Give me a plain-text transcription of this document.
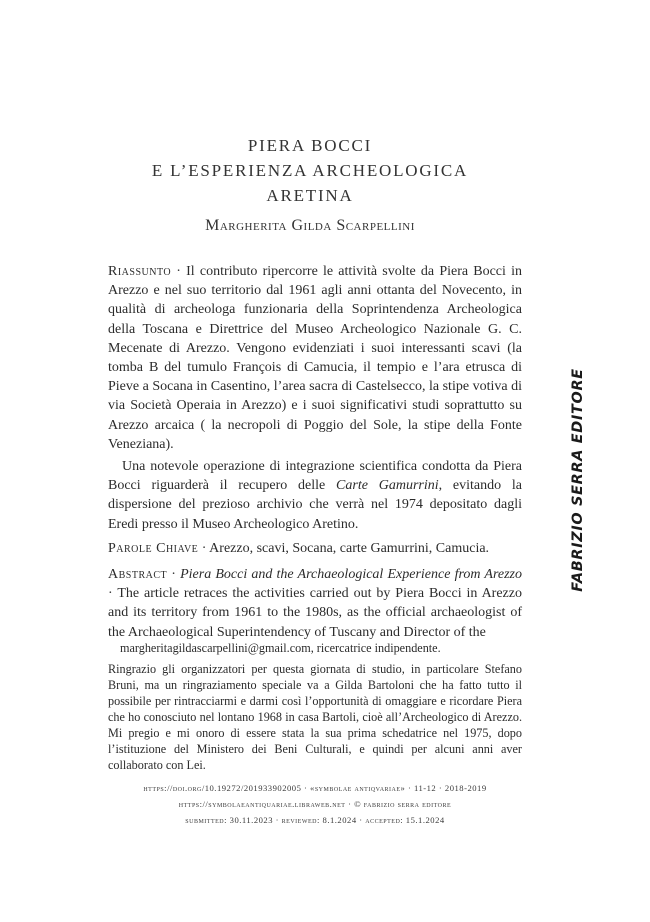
PIERA BOCCI
E L’ESPERIENZA ARCHEOLOGICA
ARETINA
Margherita Gilda Scarpellini

Riassunto · Il contributo ripercorre le attività svolte da Piera Bocci in Arezzo e nel suo territorio dal 1961 agli anni ottanta del Novecento, in qualità di archeologa funzionaria della Soprintendenza Archeologica della Toscana e Direttrice del Museo Archeologico Nazionale G. C. Mecenate di Arezzo. Vengono evidenziati i suoi interessanti scavi (la tomba B del tumulo François di Camucia, il tempio e l’ara etrusca di Pieve a Socana in Casentino, l’area sacra di Castelsecco, la stipe votiva di via Società Operaia in Arezzo) e i suoi significativi studi soprattutto su Arezzo arcaica ( la necropoli di Poggio del Sole, la stipe della Fonte Veneziana).

Una notevole operazione di integrazione scientifica condotta da Piera Bocci riguarderà il recupero delle Carte Gamurrini, evitando la dispersione del prezioso archivio che verrà nel 1974 depositato dagli Eredi presso il Museo Archeologico Aretino.

Parole Chiave · Arezzo, scavi, Socana, carte Gamurrini, Camucia.

Abstract · Piera Bocci and the Archaeological Experience from Arezzo · The article retraces the activities carried out by Piera Bocci in Arezzo and its territory from 1961 to the 1980s, as the official archaeologist of the Archaeological Superintendency of Tuscany and Director of the

margheritagildascarpellini@gmail.com, ricercatrice indipendente.

Ringrazio gli organizzatori per questa giornata di studio, in particolare Stefano Bruni, ma un ringraziamento speciale va a Gilda Bartoloni che ha fatto tutto il possibile per rintracciarmi e darmi così l’opportunità di omaggiare e ricordare Piera che ho conosciuto nel lontano 1968 in casa Bartoli, cioè all’Archeologico di Arezzo. Mi pregio e mi onoro di essere stata la sua prima schedatrice nel 1975, dopo l’istituzione del Ministero dei Beni Culturali, e quindi per alcuni anni aver collaborato con Lei.

https://doi.org/10.19272/201933902005 · «symbolae antiqvariae» · 11-12 · 2018-2019
https://symbolaeantiquariae.libraweb.net · © fabrizio serra editore
submitted: 30.11.2023 · reviewed: 8.1.2024 · accepted: 15.1.2024
FABRIZIO SERRA EDITORE
